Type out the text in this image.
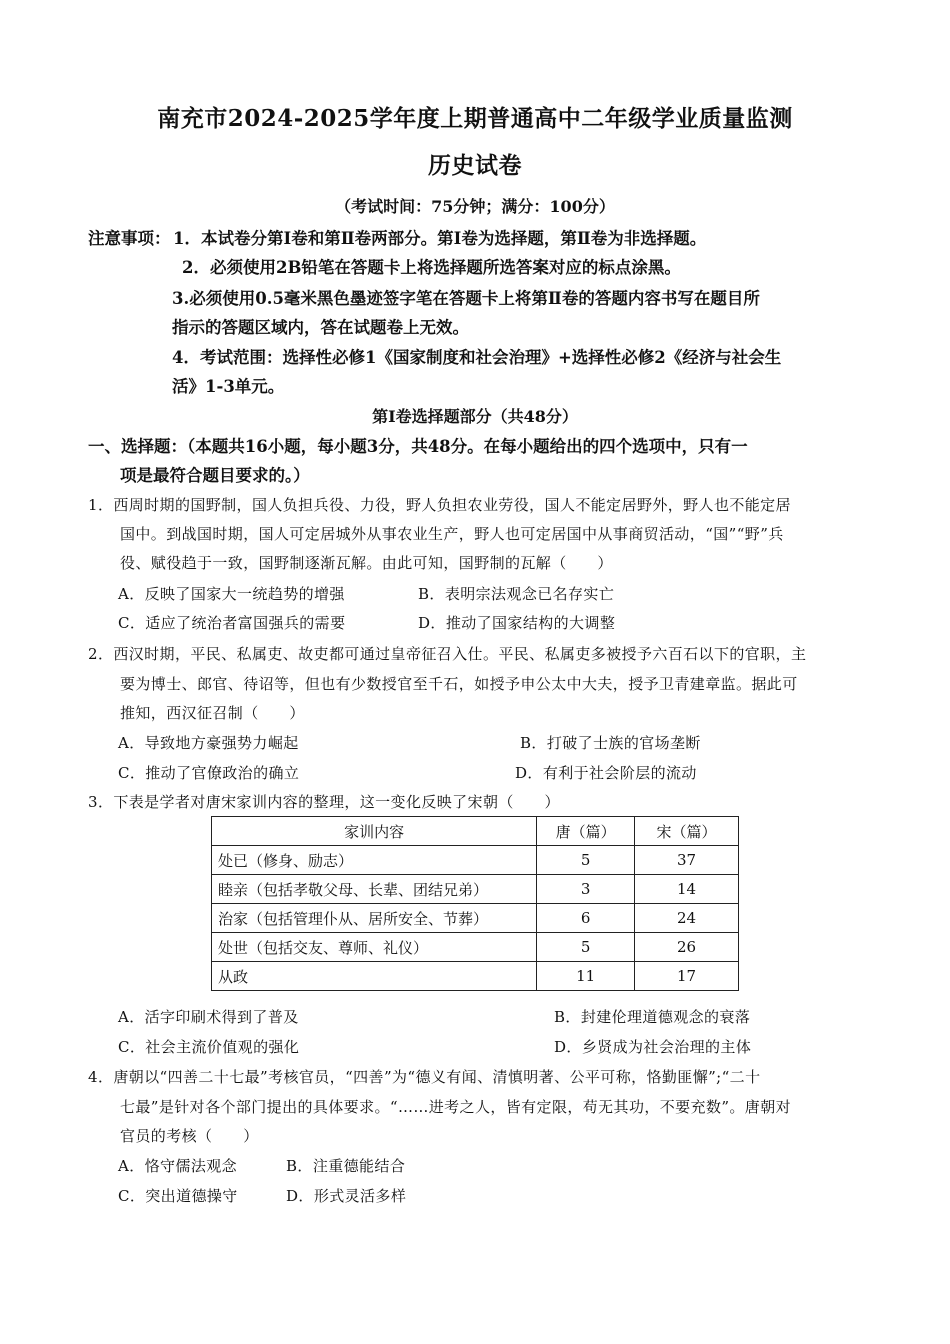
南充市2024-2025学年度上期普通高中二年级学业质量监测
历史试卷
（考试时间：75分钟；满分：100分）
注意事项： 1．本试卷分第Ⅰ卷和第Ⅱ卷两部分。第Ⅰ卷为选择题，第Ⅱ卷为非选择题。
2．必须使用2B铅笔在答题卡上将选择题所选答案对应的标点涂黑。
3.必须使用0.5毫米黑色墨迹签字笔在答题卡上将第Ⅱ卷的答题内容书写在题目所
指示的答题区域内，答在试题卷上无效。
4．考试范围：选择性必修1《国家制度和社会治理》+选择性必修2《经济与社会生
活》1-3单元。
第Ⅰ卷选择题部分（共48分）
一、选择题：（本题共16小题，每小题3分，共48分。在每小题给出的四个选项中，只有一
项是最符合题目要求的。）
1．西周时期的国野制，国人负担兵役、力役，野人负担农业劳役，国人不能定居野外，野人也不能定居
国中。到战国时期，国人可定居城外从事农业生产，野人也可定居国中从事商贸活动，“国”“野”兵
役、赋役趋于一致，国野制逐渐瓦解。由此可知，国野制的瓦解（　　）
A．反映了国家大一统趋势的增强	B．表明宗法观念已名存实亡
C．适应了统治者富国强兵的需要	D．推动了国家结构的大调整
2．西汉时期，平民、私属吏、故吏都可通过皇帝征召入仕。平民、私属吏多被授予六百石以下的官职，主
要为博士、郎官、待诏等，但也有少数授官至千石，如授予申公太中大夫，授予卫青建章监。据此可
推知，西汉征召制（　　）
A．导致地方豪强势力崛起	B．打破了士族的官场垄断
C．推动了官僚政治的确立	D．有利于社会阶层的流动
3．下表是学者对唐宋家训内容的整理，这一变化反映了宋朝（　　）
家训内容	唐（篇）	宋（篇）
处已（修身、励志）	5	37
睦亲（包括孝敬父母、长辈、团结兄弟）	3	14
治家（包括管理仆从、居所安全、节葬）	6	24
处世（包括交友、尊师、礼仪）	5	26
从政	11	17
A．活字印刷术得到了普及	B．封建伦理道德观念的衰落
C．社会主流价值观的强化	D．乡贤成为社会治理的主体
4．唐朝以“四善二十七最”考核官员，“四善”为“德义有闻、清慎明著、公平可称，恪勤匪懈”;“二十
七最”是针对各个部门提出的具体要求。“……进考之人，皆有定限，苟无其功，不要充数”。唐朝对
官员的考核（　　）
A．恪守儒法观念	B．注重德能结合
C．突出道德操守	D．形式灵活多样
